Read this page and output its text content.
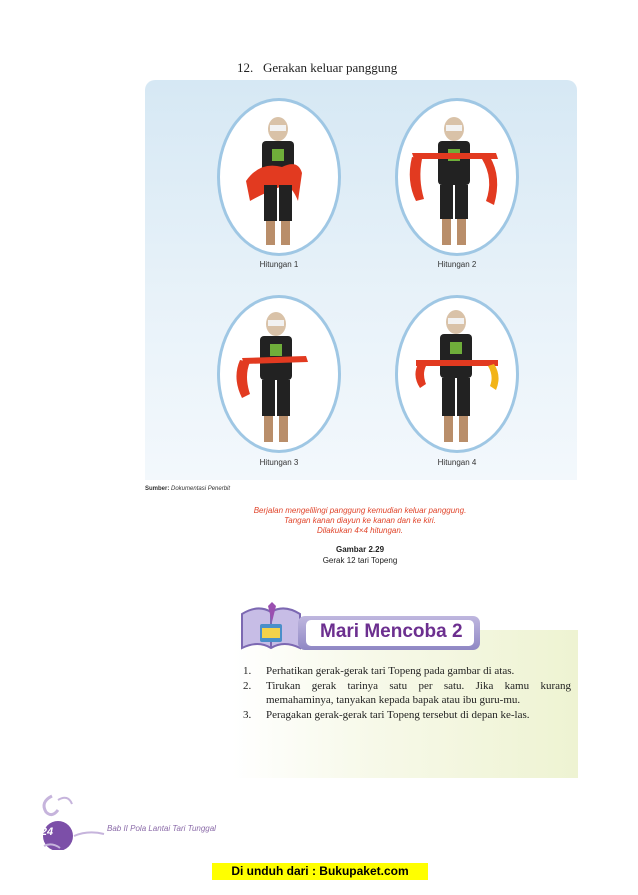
12. Gerakan keluar panggung
Hitungan 1	Hitungan 2
Hitungan 3	Hitungan 4
Sumber: Dokumentasi Penerbit
Berjalan mengelilingi panggung kemudian keluar panggung.
Tangan kanan diayun ke kanan dan ke kiri.
Dilakukan 4×4 hitungan.
Gambar 2.29
Gerak 12 tari Topeng
Mari Mencoba 2
1. Perhatikan gerak-gerak tari Topeng pada gambar di atas.
2. Tirukan gerak tarinya satu per satu. Jika kamu kurang memahaminya, tanyakan kepada bapak atau ibu guru-mu.
3. Peragakan gerak-gerak tari Topeng tersebut di depan ke-las.
24	Bab II Pola Lantai Tari Tunggal
Di unduh dari : Bukupaket.com
